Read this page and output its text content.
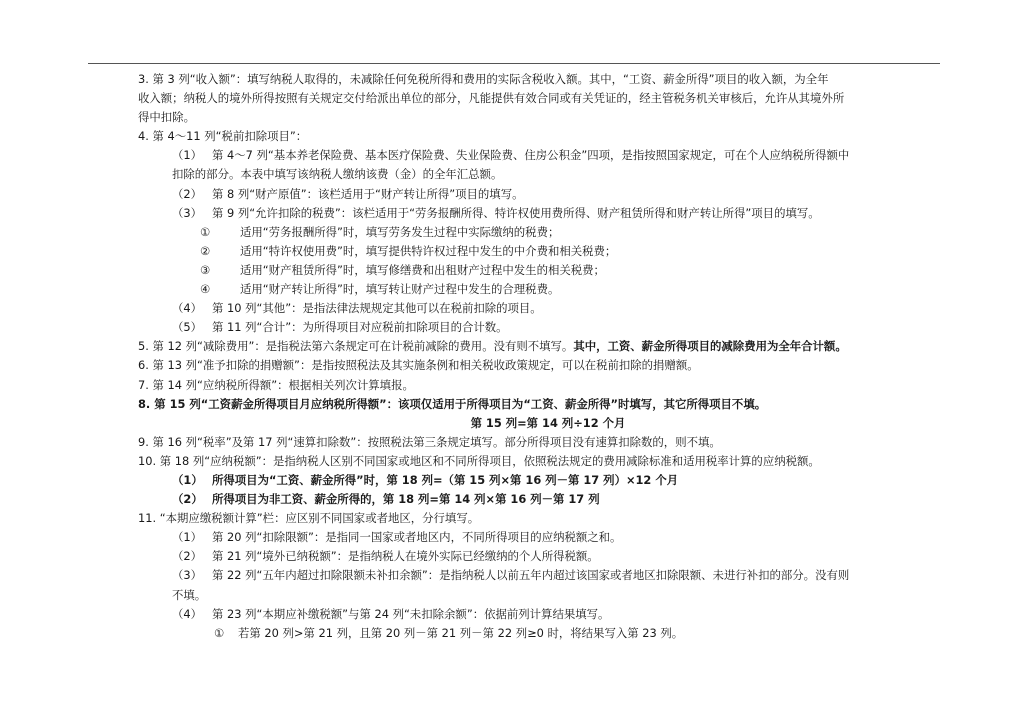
3. 第 3 列“收入额”：填写纳税人取得的，未减除任何免税所得和费用的实际含税收入额。其中，“工资、薪金所得”项目的收入额，为全年
收入额；纳税人的境外所得按照有关规定交付给派出单位的部分，凡能提供有效合同或有关凭证的，经主管税务机关审核后，允许从其境外所
得中扣除。
4. 第 4～11 列“税前扣除项目”：
（1） 第 4～7 列“基本养老保险费、基本医疗保险费、失业保险费、住房公积金”四项，是指按照国家规定，可在个人应纳税所得额中
扣除的部分。本表中填写该纳税人缴纳该费（金）的全年汇总额。
（2） 第 8 列“财产原值”：该栏适用于“财产转让所得”项目的填写。
（3） 第 9 列“允许扣除的税费”：该栏适用于“劳务报酬所得、特许权使用费所得、财产租赁所得和财产转让所得”项目的填写。
①	适用“劳务报酬所得”时，填写劳务发生过程中实际缴纳的税费；
②	适用“特许权使用费”时，填写提供特许权过程中发生的中介费和相关税费；
③	适用“财产租赁所得”时，填写修缮费和出租财产过程中发生的相关税费；
④	适用“财产转让所得”时，填写转让财产过程中发生的合理税费。
（4） 第 10 列“其他”：是指法律法规规定其他可以在税前扣除的项目。
（5） 第 11 列“合计”：为所得项目对应税前扣除项目的合计数。
5. 第 12 列“减除费用”：是指税法第六条规定可在计税前减除的费用。没有则不填写。其中，工资、薪金所得项目的减除费用为全年合计额。
6. 第 13 列“准予扣除的捐赠额”：是指按照税法及其实施条例和相关税收政策规定，可以在税前扣除的捐赠额。
7. 第 14 列“应纳税所得额”：根据相关列次计算填报。
8. 第 15 列“工资薪金所得项目月应纳税所得额”：该项仅适用于所得项目为“工资、薪金所得”时填写，其它所得项目不填。
第 15 列=第 14 列÷12 个月
9. 第 16 列“税率”及第 17 列“速算扣除数”：按照税法第三条规定填写。部分所得项目没有速算扣除数的，则不填。
10. 第 18 列“应纳税额”：是指纳税人区别不同国家或地区和不同所得项目，依照税法规定的费用减除标准和适用税率计算的应纳税额。
（1） 所得项目为“工资、薪金所得”时，第 18 列=（第 15 列×第 16 列－第 17 列）×12 个月
（2） 所得项目为非工资、薪金所得的，第 18 列=第 14 列×第 16 列－第 17 列
11. “本期应缴税额计算”栏：应区别不同国家或者地区，分行填写。
（1） 第 20 列“扣除限额”：是指同一国家或者地区内，不同所得项目的应纳税额之和。
（2） 第 21 列“境外已纳税额”：是指纳税人在境外实际已经缴纳的个人所得税额。
（3） 第 22 列“五年内超过扣除限额未补扣余额”：是指纳税人以前五年内超过该国家或者地区扣除限额、未进行补扣的部分。没有则
不填。
（4） 第 23 列“本期应补缴税额”与第 24 列“未扣除余额”：依据前列计算结果填写。
① 若第 20 列>第 21 列，且第 20 列－第 21 列－第 22 列≥0 时，将结果写入第 23 列。
